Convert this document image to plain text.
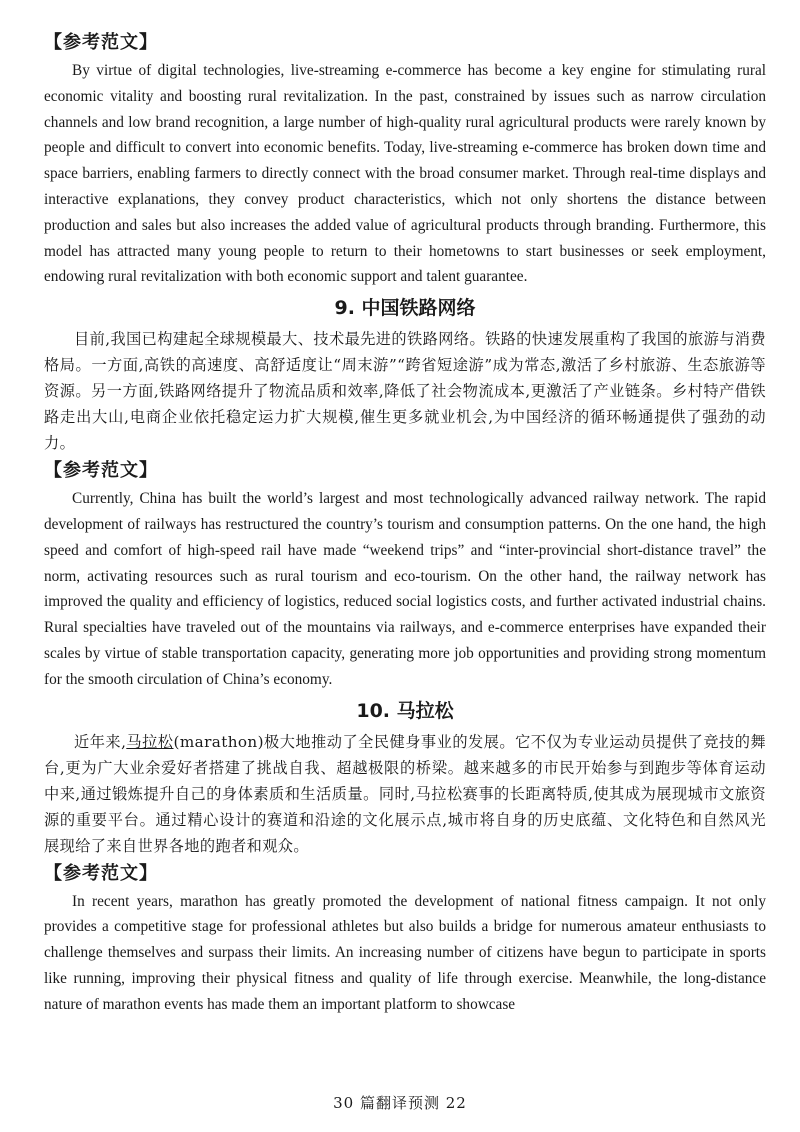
【参考范文】

By virtue of digital technologies, live-streaming e-commerce has become a key engine for stimulating rural economic vitality and boosting rural revitalization. In the past, constrained by issues such as narrow circulation channels and low brand recognition, a large number of high-quality rural agricultural products were rarely known by people and difficult to convert into economic benefits. Today, live-streaming e-commerce has broken down time and space barriers, enabling farmers to directly connect with the broad consumer market. Through real-time displays and interactive explanations, they convey product characteristics, which not only shortens the distance between production and sales but also increases the added value of agricultural products through branding. Furthermore, this model has attracted many young people to return to their hometowns to start businesses or seek employment, endowing rural revitalization with both economic support and talent guarantee.

9. 中国铁路网络

目前,我国已构建起全球规模最大、技术最先进的铁路网络。铁路的快速发展重构了我国的旅游与消费格局。一方面,高铁的高速度、高舒适度让“周末游”“跨省短途游”成为常态,激活了乡村旅游、生态旅游等资源。另一方面,铁路网络提升了物流品质和效率,降低了社会物流成本,更激活了产业链条。乡村特产借铁路走出大山,电商企业依托稳定运力扩大规模,催生更多就业机会,为中国经济的循环畅通提供了强劲的动力。

【参考范文】

Currently, China has built the world’s largest and most technologically advanced railway network. The rapid development of railways has restructured the country’s tourism and consumption patterns. On the one hand, the high speed and comfort of high-speed rail have made “weekend trips” and “inter-provincial short-distance travel” the norm, activating resources such as rural tourism and eco-tourism. On the other hand, the railway network has improved the quality and efficiency of logistics, reduced social logistics costs, and further activated industrial chains. Rural specialties have traveled out of the mountains via railways, and e-commerce enterprises have expanded their scales by virtue of stable transportation capacity, generating more job opportunities and providing strong momentum for the smooth circulation of China’s economy.

10. 马拉松

近年来,马拉松(marathon)极大地推动了全民健身事业的发展。它不仅为专业运动员提供了竞技的舞台,更为广大业余爱好者搭建了挑战自我、超越极限的桥梁。越来越多的市民开始参与到跑步等体育运动中来,通过锻炼提升自己的身体素质和生活质量。同时,马拉松赛事的长距离特质,使其成为展现城市文旅资源的重要平台。通过精心设计的赛道和沿途的文化展示点,城市将自身的历史底蕴、文化特色和自然风光展现给了来自世界各地的跑者和观众。

【参考范文】

In recent years, marathon has greatly promoted the development of national fitness campaign. It not only provides a competitive stage for professional athletes but also builds a bridge for numerous amateur enthusiasts to challenge themselves and surpass their limits. An increasing number of citizens have begun to participate in sports like running, improving their physical fitness and quality of life through exercise. Meanwhile, the long-distance nature of marathon events has made them an important platform to showcase

30 篇翻译预测 22
